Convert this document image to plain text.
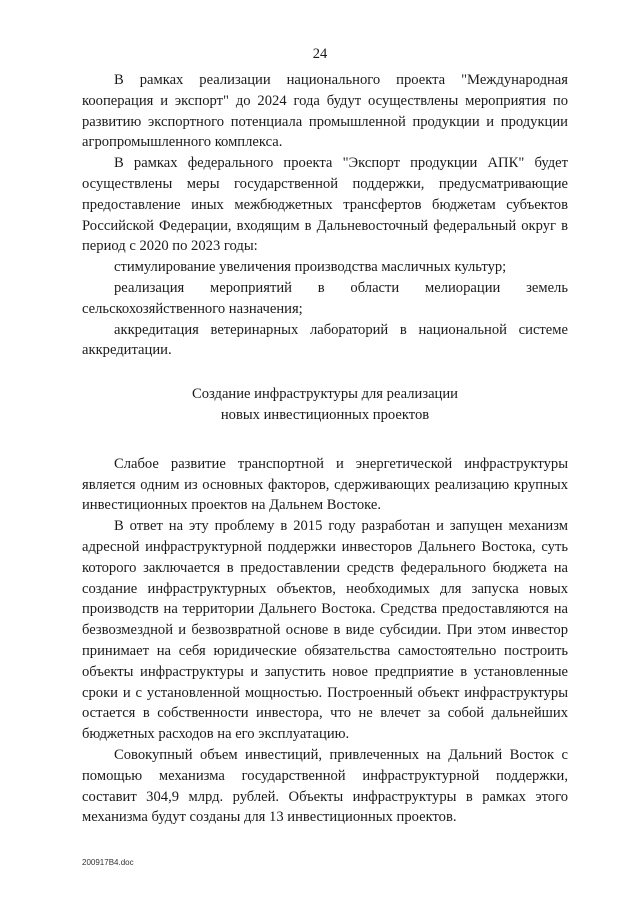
24

В рамках реализации национального проекта "Международная кооперация и экспорт" до 2024 года будут осуществлены мероприятия по развитию экспортного потенциала промышленной продукции и продукции агропромышленного комплекса.

В рамках федерального проекта "Экспорт продукции АПК" будет осуществлены меры государственной поддержки, предусматривающие предоставление иных межбюджетных трансфертов бюджетам субъектов Российской Федерации, входящим в Дальневосточный федеральный округ в период с 2020 по 2023 годы:

стимулирование увеличения производства масличных культур;

реализация мероприятий в области мелиорации земель сельскохозяйственного назначения;

аккредитация ветеринарных лабораторий в национальной системе аккредитации.

Создание инфраструктуры для реализации
новых инвестиционных проектов

Слабое развитие транспортной и энергетической инфраструктуры является одним из основных факторов, сдерживающих реализацию крупных инвестиционных проектов на Дальнем Востоке.

В ответ на эту проблему в 2015 году разработан и запущен механизм адресной инфраструктурной поддержки инвесторов Дальнего Востока, суть которого заключается в предоставлении средств федерального бюджета на создание инфраструктурных объектов, необходимых для запуска новых производств на территории Дальнего Востока. Средства предоставляются на безвозмездной и безвозвратной основе в виде субсидии. При этом инвестор принимает на себя юридические обязательства самостоятельно построить объекты инфраструктуры и запустить новое предприятие в установленные сроки и с установленной мощностью. Построенный объект инфраструктуры остается в собственности инвестора, что не влечет за собой дальнейших бюджетных расходов на его эксплуатацию.

Совокупный объем инвестиций, привлеченных на Дальний Восток с помощью механизма государственной инфраструктурной поддержки, составит 304,9 млрд. рублей. Объекты инфраструктуры в рамках этого механизма будут созданы для 13 инвестиционных проектов.

200917B4.doc
